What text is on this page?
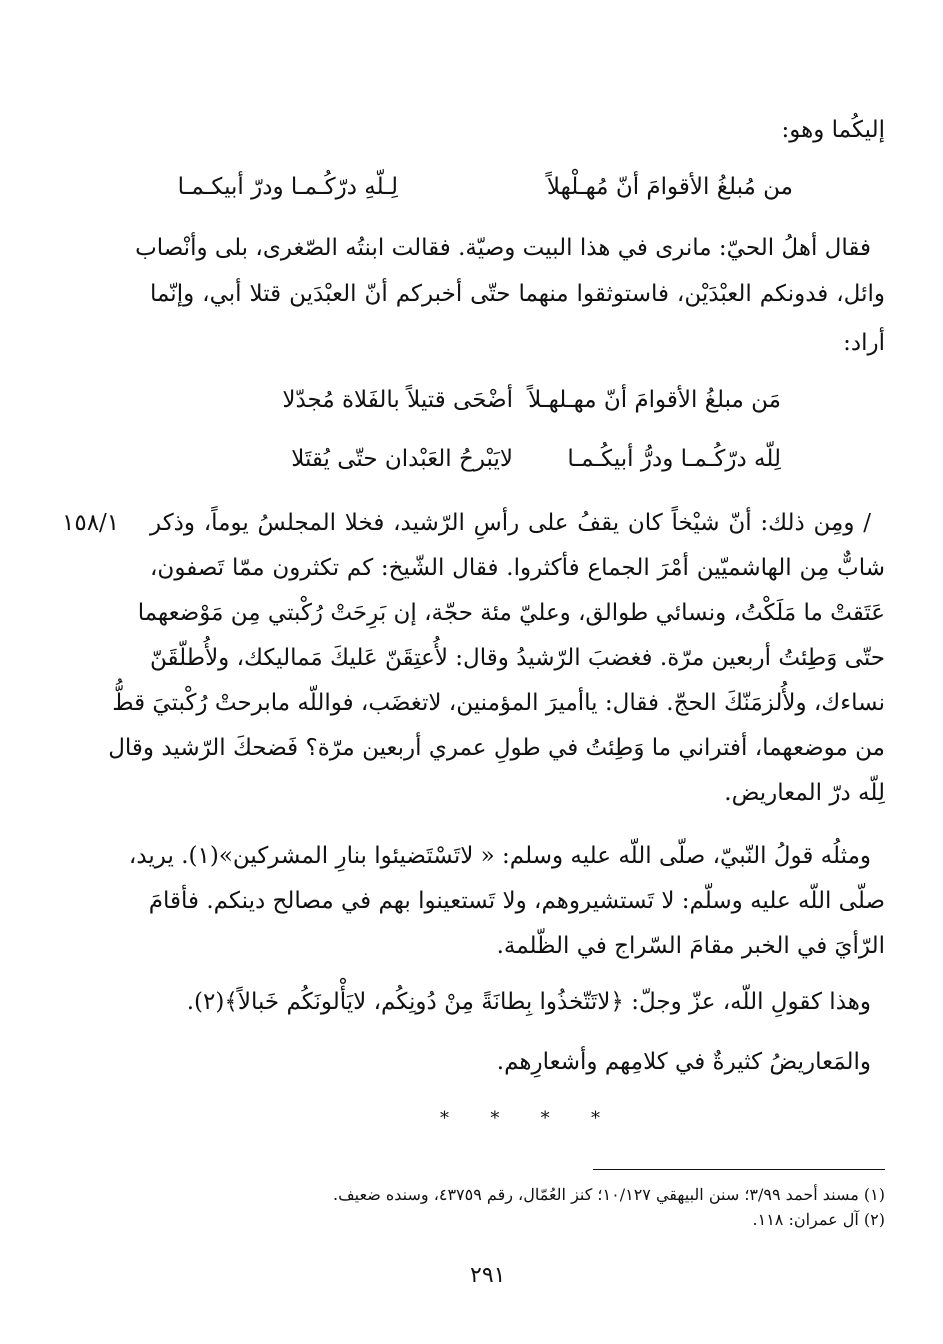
إليكُما وهو:
من مُبلغُ الأقوامَ أنّ مُهـلْهلاً
لِـلّهِ درّكُـمـا ودرّ أبيكـمـا
فقال أهلُ الحيّ: مانرى في هذا البيت وصيّة. فقالت ابنتُه الصّغرى، بلى وأنْصاب
وائل، فدونكم العبْدَيْن، فاستوثقوا منهما حتّى أخبركم أنّ العبْدَين قتلا أبي، وإنّما
أراد:
مَن مبلغُ الأقوامَ أنّ مهـلهـلاً
أضْحَى قتيلاً بالفَلاة مُجدّلا
لِلّه درّكُـمـا ودرُّ أبيكُـمـا
لايَبْرحُ العَبْدان حتّى يُقتَلا
١٥٨/١ / ومِن ذلك: أنّ شيْخاً كان يقفُ على رأسِ الرّشيد، فخلا المجلسُ يوماً، وذكر
شابٌّ مِن الهاشميّين أمْرَ الجماع فأكثروا. فقال الشّيخ: كم تكثرون ممّا تَصفون،
عَتَقتْ ما مَلَكْتُ، ونسائي طوالق، وعليّ مئة حجّة، إن بَرِحَتْ رُكْبتي مِن مَوْضعهما
حتّى وَطِئتُ أربعين مرّة. فغضبَ الرّشيدُ وقال: لأُعتِقَنّ عَليكَ مَماليكك، ولأُطلّقَنّ
نساءك، ولأُلزمَنّكَ الحجّ. فقال: ياأميرَ المؤمنين، لاتغضَب، فواللّه مابرحتْ رُكْبتيَ قطُّ
من موضعهما، أفتراني ما وَطِئتُ في طولِ عمري أربعين مرّة؟ فَضحكَ الرّشيد وقال
لِلّه درّ المعاريض.
ومثلُه قولُ النّبيّ، صلّى اللّه عليه وسلم: « لاتَسْتَضيئوا بنارِ المشركين»(١). يريد،
صلّى اللّه عليه وسلّم: لا تَستشيروهم، ولا تَستعينوا بهم في مصالح دينكم. فأقامَ
الرّأيَ في الخبر مقامَ السّراج في الظّلمة.
وهذا كقولِ اللّه، عزّ وجلّ: ﴿لاتَتّخذُوا بِطانَةً مِنْ دُونِكُم، لايَأْلونَكُم خَبالاً﴾(٢).
والمَعاريضُ كثيرةٌ في كلامِهم وأشعارِهم.
* * * *
(١) مسند أحمد ٣/٩٩؛ سنن البيهقي ١٠/١٢٧؛ كنز العُمّال، رقم ٤٣٧٥٩، وسنده ضعيف.
(٢) آل عمران: ١١٨.
٢٩١
